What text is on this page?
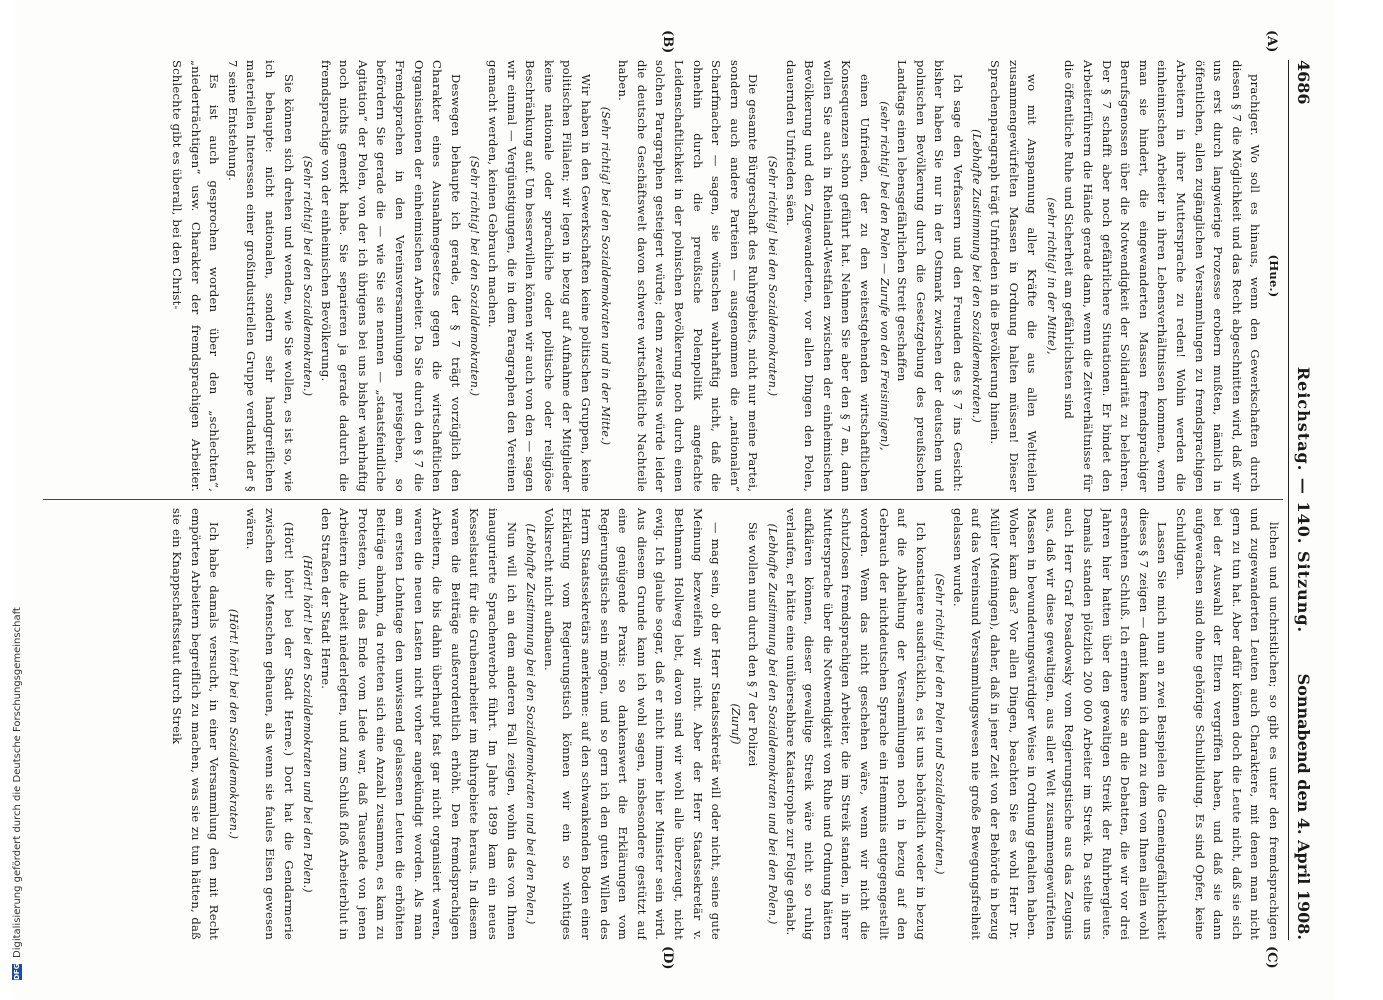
4686
Reichstag. — 140. Sitzung.
Sonnabend den 4. April 1908.
(A)
(B)
(C)
(D)

(Hue.)

prachiger. Wo soll es hinaus, wenn den Gewerkschaften durch diesen § 7 die Möglichkeit und das Recht abgeschnitten wird, daß wir uns erst durch langwierige Prozesse erobern mußten, nämlich in öffentlichen, allen zugänglichen Versammlungen zu fremdsprachigen Arbeitern in ihrer Muttersprache zu reden! Wohin werden die einheimischen Arbeiter in ihren Lebensverhältnissen kommen, wenn man sie hindert, die eingewanderten Massen fremdsprachiger Berufsgenossen über die Notwendigkeit der Solidarität zu belehren. Der § 7 schafft aber noch gefährlichere Situationen. Er bindet den Arbeiterführern die Hände gerade dann, wenn die Zeitverhältnisse für die öffentliche Ruhe und Sicherheit am gefährlichsten sind

(sehr richtig! in der Mitte),

wo mit Anspannung aller Kräfte die aus allen Weltteilen zusammengewürfelten Massen in Ordnung halten müssen! Dieser Sprachenparagraph trägt Unfrieden in die Bevölkerung hinein.

(Lebhafte Zustimmung bei den Sozialdemokraten.)

Ich sage den Verfassern und den Freunden des § 7 ins Gesicht: bisher haben Sie nur in der Ostmark zwischen der deutschen und polnischen Bevölkerung durch die Gesetzgebung des preußischen Landtags einen lebensgefährlichen Streit geschaffen

(sehr richtig! bei den Polen — Zurufe von den Freisinnigen),

einen Unfrieden, der zu den weitestgehenden wirtschaftlichen Konsequenzen schon geführt hat. Nehmen Sie aber den § 7 an, dann wollen Sie auch in Rheinland-Westfalen zwischen der einheimischen Bevölkerung und den Zugewanderten, vor allen Dingen den Polen, dauernden Unfrieden säen.

(Sehr richtig! bei den Sozialdemokraten.)

Die gesamte Bürgerschaft des Ruhrgebiets, nicht nur meine Partei, sondern auch andere Parteien — ausgenommen die „nationalen“ Scharfmacher — sagen, sie wünschen wahrhaftig nicht, daß die ohnehin durch die preußische Polenpolitik angefachte Leidenschaftlichkeit in der polnischen Bevölkerung noch durch einen solchen Paragraphen gesteigert würde; denn zweifellos würde leider die deutsche Geschäftswelt davon schwere wirtschaftliche Nachteile haben.

(Sehr richtig! bei den Sozialdemokraten und in der Mitte.)

Wir haben in den Gewerkschaften keine politischen Gruppen, keine politischen Filialen; wir legen in bezug auf Aufnahme der Mitglieder keine nationale oder sprachliche oder politische oder religiöse Beschränkung auf. Um besserwillen können wir auch von den — sagen wir einmal — Vergünstigungen, die in dem Paragraphen den Vereinen gemacht werden, keinen Gebrauch machen.

(Sehr richtig! bei den Sozialdemokraten.)

Deswegen behaupte ich gerade, der § 7 trägt vorzüglich den Charakter eines Ausnahmegesetzes gegen die wirtschaftlichen Organisationen der einheimischen Arbeiter. Da Sie durch den § 7 die Fremdsprachen in den Vereinsversammlungen preisgeben, so befördern Sie gerade die — wie Sie sie nennen — „staatsfeindliche Agitation“ der Polen, von der ich übrigens bei uns bisher wahrhaftig noch nichts gemerkt habe. Sie separieren ja gerade dadurch die fremdsprachige von der einheimischen Bevölkerung.

(Sehr richtig! bei den Sozialdemokraten.)

Sie können sich drehen und wenden, wie Sie wollen, es ist so, wie ich behaupte: nicht nationalen, sondern sehr handgreiflichen materiellen Interessen einer großindustriellen Gruppe verdankt der § 7 seine Entstehung.

Es ist auch gesprochen worden über den „schlechten“, „niederträchtigen“ usw. Charakter der fremdsprachigen Arbeiter. Schlechte gibt es überall, bei den Christ-

lichen und unchristlichen; so gibt es unter den fremdsprachigen und zugewanderten Leuten auch Charaktere, mit denen man nicht gern zu tun hat. Aber dafür können doch die Leute nicht, daß sie sich bei der Auswahl der Eltern vergriffen haben, und daß sie dann aufgewachsen sind ohne gehörige Schulbildung. Es sind Opfer, keine Schuldigen.

Lassen Sie mich nun an zwei Beispielen die Gemeingefährlichkeit dieses § 7 zeigen — damit kann ich dann zu dem von Ihnen allen wohl ersehnten Schluß. Ich erinnere Sie an die Debatten, die wir vor drei Jahren hier hatten über den gewaltigen Streik der Ruhrbergleute. Damals standen plötzlich 200 000 Arbeiter im Streik. Da stellte uns auch Herr Graf Posadowsky vom Regierungstische aus das Zeugnis aus, daß wir diese gewaltigen, aus aller Welt zusammengewürfelten Massen in bewunderungswürdiger Weise in Ordnung gehalten haben. Woher kam das? Vor allen Dingen, beachten Sie es wohl Herr Dr. Müller (Meiningen), daher, daß in jener Zeit von der Behörde in bezug auf das Vereinsund Versammlungswesen nie große Bewegungsfreiheit gelassen wurde.

(Sehr richtig! bei den Polen und Sozialdemokraten.)

Ich konstatiere ausdrücklich, es ist uns behördlich weder in bezug auf die Abhaltung der Versammlungen noch in bezug auf den Gebrauch der nichtdeutschen Sprache ein Hemmnis entgegengestellt worden. Wenn das nicht geschehen wäre, wenn wir nicht die schutzlosen fremdsprachigen Arbeiter, die im Streik standen, in ihrer Muttersprache über die Notwendigkeit von Ruhe und Ordnung hätten aufklären können, dieser gewaltige Streik wäre nicht so ruhig verlaufen, er hätte eine unübersehbare Katastrophe zur Folge gehabt.

(Lebhafte Zustimmung bei den Sozialdemokraten und bei den Polen.)

Sie wollen nun durch den § 7 der Polizei

(Zuruf)

— mag sein, ob der Herr Staatssekretär will oder nicht, seine gute Meinung bezweifeln wir nicht. Aber der Herr Staatssekretär v. Bethmann Hollweg lebt, davon sind wir wohl alle überzeugt, nicht ewig. Ich glaube sogar, daß er nicht immer hier Minister sein wird. Aus diesem Grunde kann ich wohl sagen, insbesondere gestützt auf eine genügende Praxis: so dankenswert die Erklärungen vom Regierungstische sein mögen, und so gern ich den guten Willen des Herrn Staatssekretärs anerkenne: auf den schwankenden Boden einer Erklärung vom Regierungstisch können wir ein so wichtiges Volksrecht nicht aufbauen.

(Lebhafte Zustimmung bei den Sozialdemokraten und bei den Polen.)

Nun will ich an dem anderen Fall zeigen, wohin das von Ihnen inaugurierte Sprachenverbot führt. Im Jahre 1899 kam ein neues Kesselstaut für die Grubenarbeiter im Ruhrgebiete heraus. In diesem waren die Beiträge außerordentlich erhöht. Den fremdsprachigen Arbeitern, die bis dahin überhaupt fast gar nicht organisiert waren, waren die neuen Lasten nicht vorher angekündigt worden. Als man am ersten Lohntage den unwissend gelassenen Leuten die erhöhten Beiträge abnahm, da rotteten sich eine Anzahl zusammen, es kam zu Protesten, und das Ende vom Liede war, daß Tausende von jenen Arbeitern die Arbeit niederlegten, und zum Schluß floß Arbeiterblut in den Straßen der Stadt Herne.

(Hört! hört! bei den Sozialdemokraten und bei den Polen.)

(Hört! hört! bei der Stadt Herne.) Dort hat die Gendarmerie zwischen die Menschen gehauen, als wenn sie faules Eisen gewesen wären.

(Hört! hört! bei den Sozialdemokraten.)

Ich habe damals versucht, in einer Versammlung den mit Recht empörten Arbeitern begreiflich zu machen, was sie zu tun hätten, daß sie ein Knappschaftsstaut durch Streik

DFG
Digitalisierung gefördert durch die Deutsche Forschungsgemeinschaft
